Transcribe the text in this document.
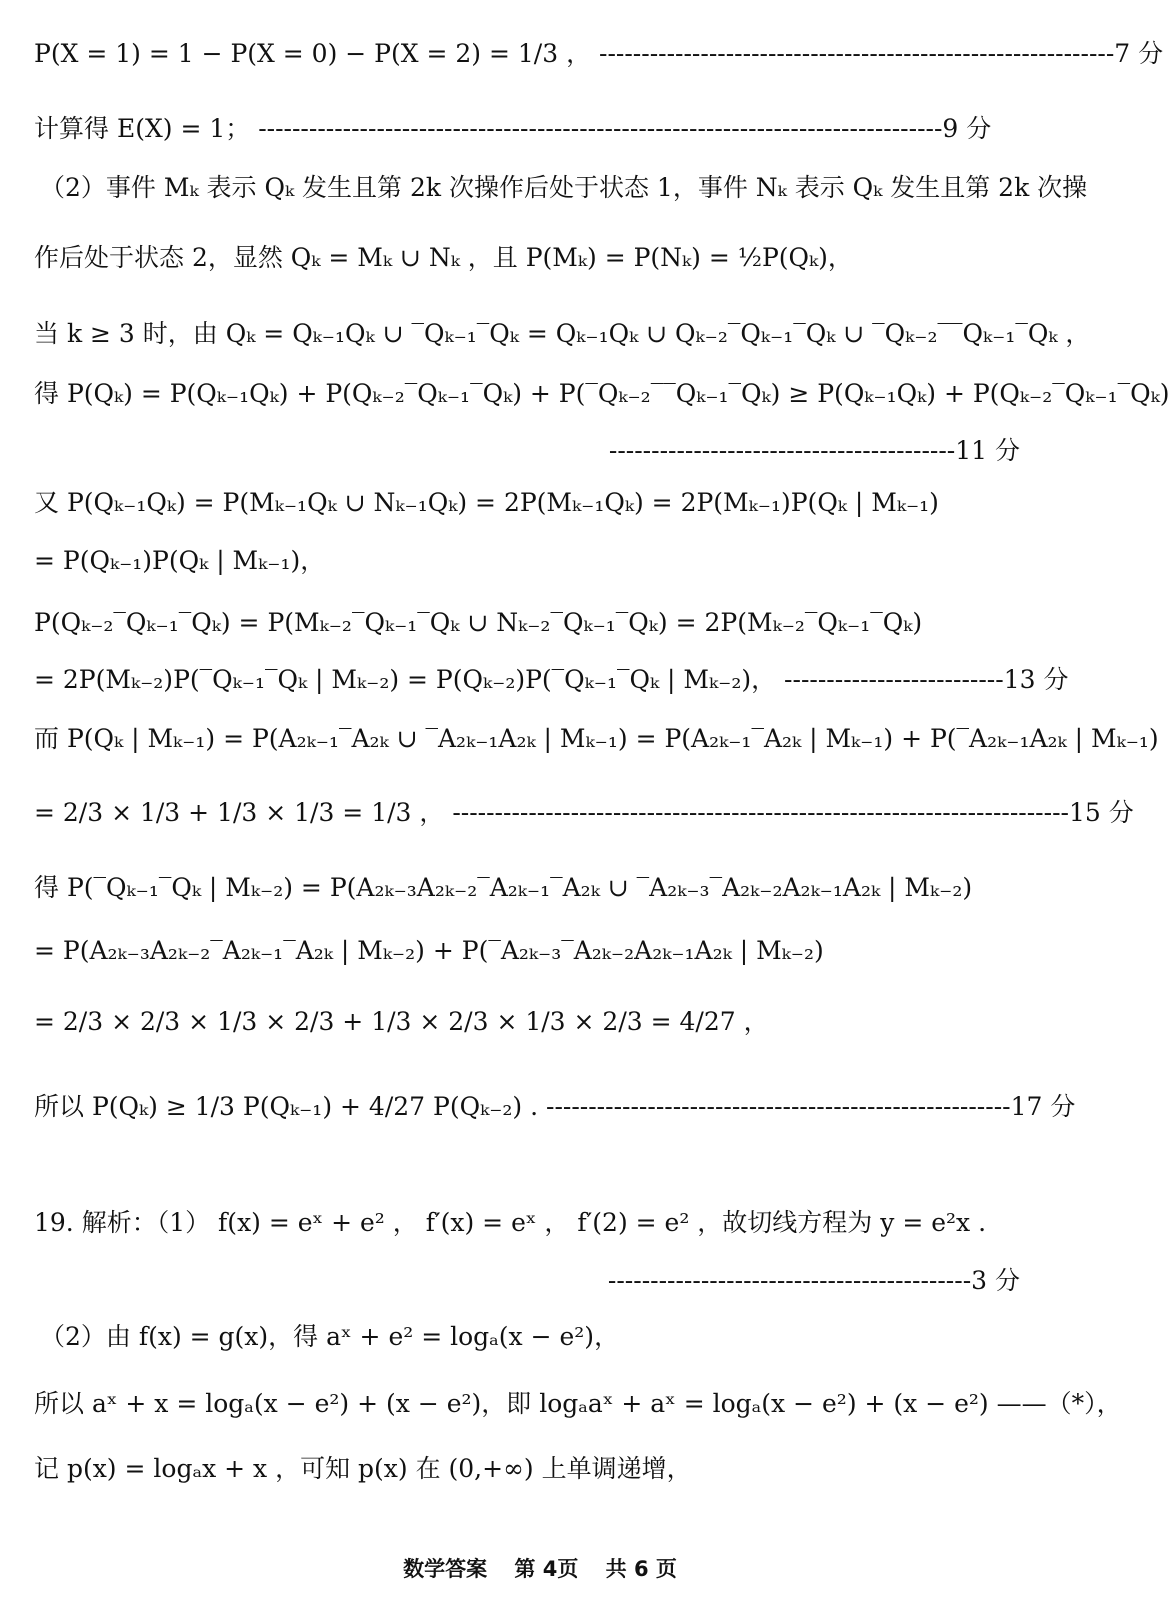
P(X = 1) = 1 − P(X = 0) − P(X = 2) = 1/3 ， -------------------------------------------------------------7 分
计算得 E(X) = 1； ---------------------------------------------------------------------------------9 分
（2）事件 Mₖ 表示 Qₖ 发生且第 2k 次操作后处于状态 1，事件 Nₖ 表示 Qₖ 发生且第 2k 次操
作后处于状态 2，显然 Qₖ = Mₖ ∪ Nₖ ，且 P(Mₖ) = P(Nₖ) = ½P(Qₖ)，
当 k ≥ 3 时，由 Qₖ = Qₖ₋₁Qₖ ∪ ‾Qₖ₋₁‾Qₖ = Qₖ₋₁Qₖ ∪ Qₖ₋₂‾Qₖ₋₁‾Qₖ ∪ ‾Qₖ₋₂‾‾Qₖ₋₁‾Qₖ ，
得 P(Qₖ) = P(Qₖ₋₁Qₖ) + P(Qₖ₋₂‾Qₖ₋₁‾Qₖ) + P(‾Qₖ₋₂‾‾Qₖ₋₁‾Qₖ) ≥ P(Qₖ₋₁Qₖ) + P(Qₖ₋₂‾Qₖ₋₁‾Qₖ)
-----------------------------------------11 分
又 P(Qₖ₋₁Qₖ) = P(Mₖ₋₁Qₖ ∪ Nₖ₋₁Qₖ) = 2P(Mₖ₋₁Qₖ) = 2P(Mₖ₋₁)P(Qₖ | Mₖ₋₁)
= P(Qₖ₋₁)P(Qₖ | Mₖ₋₁)，
P(Qₖ₋₂‾Qₖ₋₁‾Qₖ) = P(Mₖ₋₂‾Qₖ₋₁‾Qₖ ∪ Nₖ₋₂‾Qₖ₋₁‾Qₖ) = 2P(Mₖ₋₂‾Qₖ₋₁‾Qₖ)
= 2P(Mₖ₋₂)P(‾Qₖ₋₁‾Qₖ | Mₖ₋₂) = P(Qₖ₋₂)P(‾Qₖ₋₁‾Qₖ | Mₖ₋₂)， --------------------------13 分
而 P(Qₖ | Mₖ₋₁) = P(A₂ₖ₋₁‾A₂ₖ ∪ ‾A₂ₖ₋₁A₂ₖ | Mₖ₋₁) = P(A₂ₖ₋₁‾A₂ₖ | Mₖ₋₁) + P(‾A₂ₖ₋₁A₂ₖ | Mₖ₋₁)
= 2/3 × 1/3 + 1/3 × 1/3 = 1/3 ， -------------------------------------------------------------------------15 分
得 P(‾Qₖ₋₁‾Qₖ | Mₖ₋₂) = P(A₂ₖ₋₃A₂ₖ₋₂‾A₂ₖ₋₁‾A₂ₖ ∪ ‾A₂ₖ₋₃‾A₂ₖ₋₂A₂ₖ₋₁A₂ₖ | Mₖ₋₂)
= P(A₂ₖ₋₃A₂ₖ₋₂‾A₂ₖ₋₁‾A₂ₖ | Mₖ₋₂) + P(‾A₂ₖ₋₃‾A₂ₖ₋₂A₂ₖ₋₁A₂ₖ | Mₖ₋₂)
= 2/3 × 2/3 × 1/3 × 2/3 + 1/3 × 2/3 × 1/3 × 2/3 = 4/27 ，
所以 P(Qₖ) ≥ 1/3 P(Qₖ₋₁) + 4/27 P(Qₖ₋₂) . -------------------------------------------------------17 分
19. 解析：（1） f(x) = eˣ + e² ， f′(x) = eˣ ， f′(2) = e² ，故切线方程为 y = e²x .
-------------------------------------------3 分
（2）由 f(x) = g(x)，得 aˣ + e² = logₐ(x − e²)，
所以 aˣ + x = logₐ(x − e²) + (x − e²)，即 logₐaˣ + aˣ = logₐ(x − e²) + (x − e²) ——（*），
记 p(x) = logₐx + x ，可知 p(x) 在 (0,+∞) 上单调递增，
数学答案 第 4页 共 6 页
